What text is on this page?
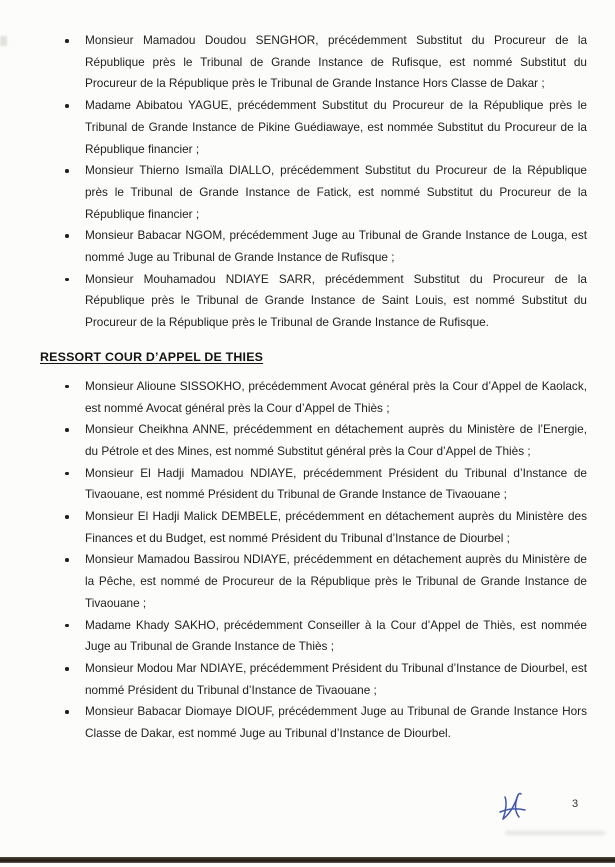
Monsieur Mamadou Doudou SENGHOR, précédemment Substitut du Procureur de la République près le Tribunal de Grande Instance de Rufisque, est nommé Substitut du Procureur de la République près le Tribunal de Grande Instance Hors Classe de Dakar ;
Madame Abibatou YAGUE, précédemment Substitut du Procureur de la République près le Tribunal de Grande Instance de Pikine Guédiawaye, est nommée Substitut du Procureur de la République financier ;
Monsieur Thierno Ismaïla DIALLO, précédemment Substitut du Procureur de la République près le Tribunal de Grande Instance de Fatick, est nommé Substitut du Procureur de la République financier ;
Monsieur Babacar NGOM, précédemment Juge au Tribunal de Grande Instance de Louga, est nommé Juge au Tribunal de Grande Instance de Rufisque ;
Monsieur Mouhamadou NDIAYE SARR, précédemment Substitut du Procureur de la République près le Tribunal de Grande Instance de Saint Louis, est nommé Substitut du Procureur de la République près le Tribunal de Grande Instance de Rufisque.
RESSORT COUR D’APPEL DE THIES
Monsieur Alioune SISSOKHO, précédemment Avocat général près la Cour d’Appel de Kaolack, est nommé Avocat général près la Cour d’Appel de Thiès ;
Monsieur Cheikhna ANNE, précédemment en détachement auprès du Ministère de l’Energie, du Pétrole et des Mines, est nommé Substitut général près la Cour d’Appel de Thiès ;
Monsieur El Hadji Mamadou NDIAYE, précédemment Président du Tribunal d’Instance de Tivaouane, est nommé Président du Tribunal de Grande Instance de Tivaouane ;
Monsieur El Hadji Malick DEMBELE, précédemment en détachement auprès du Ministère des Finances et du Budget, est nommé Président du Tribunal d’Instance de Diourbel ;
Monsieur Mamadou Bassirou NDIAYE, précédemment en détachement auprès du Ministère de la Pêche, est nommé de Procureur de la République près le Tribunal de Grande Instance de Tivaouane ;
Madame Khady SAKHO, précédemment Conseiller à la Cour d’Appel de Thiès, est nommée Juge au Tribunal de Grande Instance de Thiès ;
Monsieur Modou Mar NDIAYE, précédemment Président du Tribunal d’Instance de Diourbel, est nommé Président du Tribunal d’Instance de Tivaouane ;
Monsieur Babacar Diomaye DIOUF, précédemment Juge au Tribunal de Grande Instance Hors Classe de Dakar, est nommé Juge au Tribunal d’Instance de Diourbel.
3
